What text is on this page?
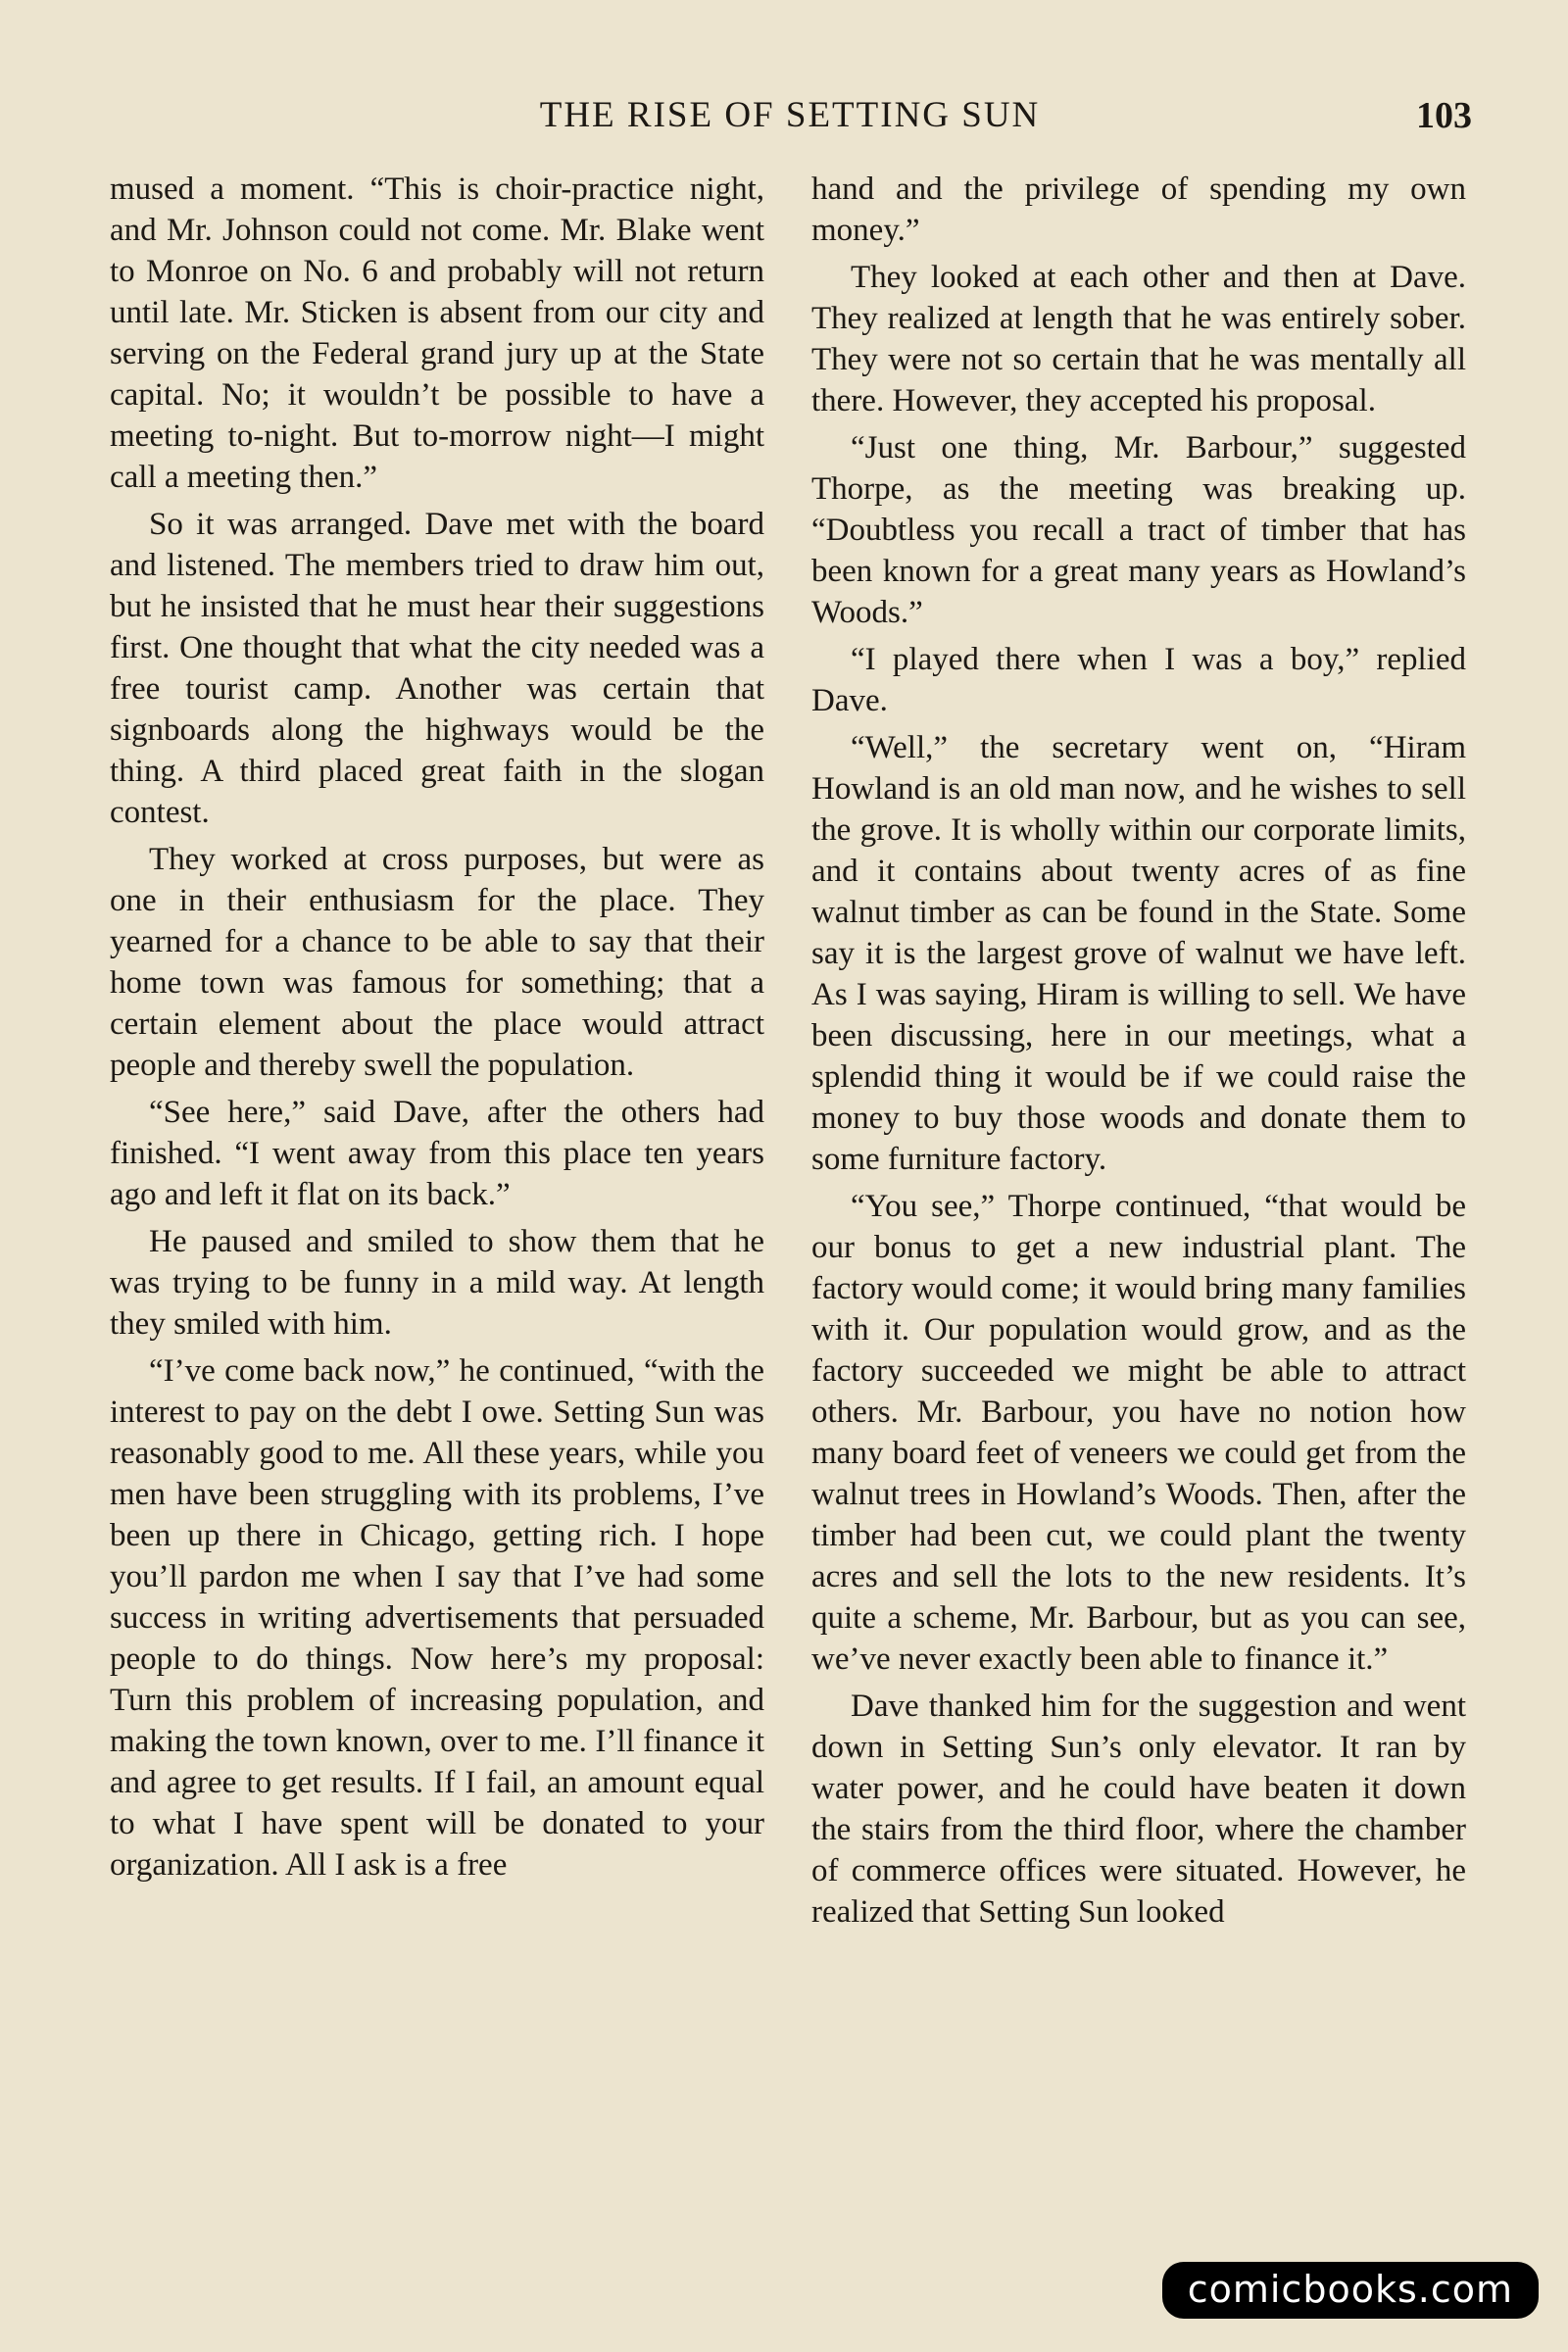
THE RISE OF SETTING SUN	103

mused a moment. “This is choir-practice night, and Mr. Johnson could not come. Mr. Blake went to Monroe on No. 6 and probably will not return until late. Mr. Sticken is absent from our city and serving on the Federal grand jury up at the State capital. No; it wouldn’t be possible to have a meeting to-night. But to-morrow night—I might call a meeting then.”

So it was arranged. Dave met with the board and listened. The members tried to draw him out, but he insisted that he must hear their suggestions first. One thought that what the city needed was a free tourist camp. Another was certain that signboards along the highways would be the thing. A third placed great faith in the slogan contest.

They worked at cross purposes, but were as one in their enthusiasm for the place. They yearned for a chance to be able to say that their home town was famous for something; that a certain element about the place would attract people and thereby swell the population.

“See here,” said Dave, after the others had finished. “I went away from this place ten years ago and left it flat on its back.”

He paused and smiled to show them that he was trying to be funny in a mild way. At length they smiled with him.

“I’ve come back now,” he continued, “with the interest to pay on the debt I owe. Setting Sun was reasonably good to me. All these years, while you men have been struggling with its problems, I’ve been up there in Chicago, getting rich. I hope you’ll pardon me when I say that I’ve had some success in writing advertisements that persuaded people to do things. Now here’s my proposal: Turn this problem of increasing population, and making the town known, over to me. I’ll finance it and agree to get results. If I fail, an amount equal to what I have spent will be donated to your organization. All I ask is a free

hand and the privilege of spending my own money.”

They looked at each other and then at Dave. They realized at length that he was entirely sober. They were not so certain that he was mentally all there. However, they accepted his proposal.

“Just one thing, Mr. Barbour,” suggested Thorpe, as the meeting was breaking up. “Doubtless you recall a tract of timber that has been known for a great many years as Howland’s Woods.”

“I played there when I was a boy,” replied Dave.

“Well,” the secretary went on, “Hiram Howland is an old man now, and he wishes to sell the grove. It is wholly within our corporate limits, and it contains about twenty acres of as fine walnut timber as can be found in the State. Some say it is the largest grove of walnut we have left. As I was saying, Hiram is willing to sell. We have been discussing, here in our meetings, what a splendid thing it would be if we could raise the money to buy those woods and donate them to some furniture factory.

“You see,” Thorpe continued, “that would be our bonus to get a new industrial plant. The factory would come; it would bring many families with it. Our population would grow, and as the factory succeeded we might be able to attract others. Mr. Barbour, you have no notion how many board feet of veneers we could get from the walnut trees in Howland’s Woods. Then, after the timber had been cut, we could plant the twenty acres and sell the lots to the new residents. It’s quite a scheme, Mr. Barbour, but as you can see, we’ve never exactly been able to finance it.”

Dave thanked him for the suggestion and went down in Setting Sun’s only elevator. It ran by water power, and he could have beaten it down the stairs from the third floor, where the chamber of commerce offices were situated. However, he realized that Setting Sun looked

comicbooks.com
